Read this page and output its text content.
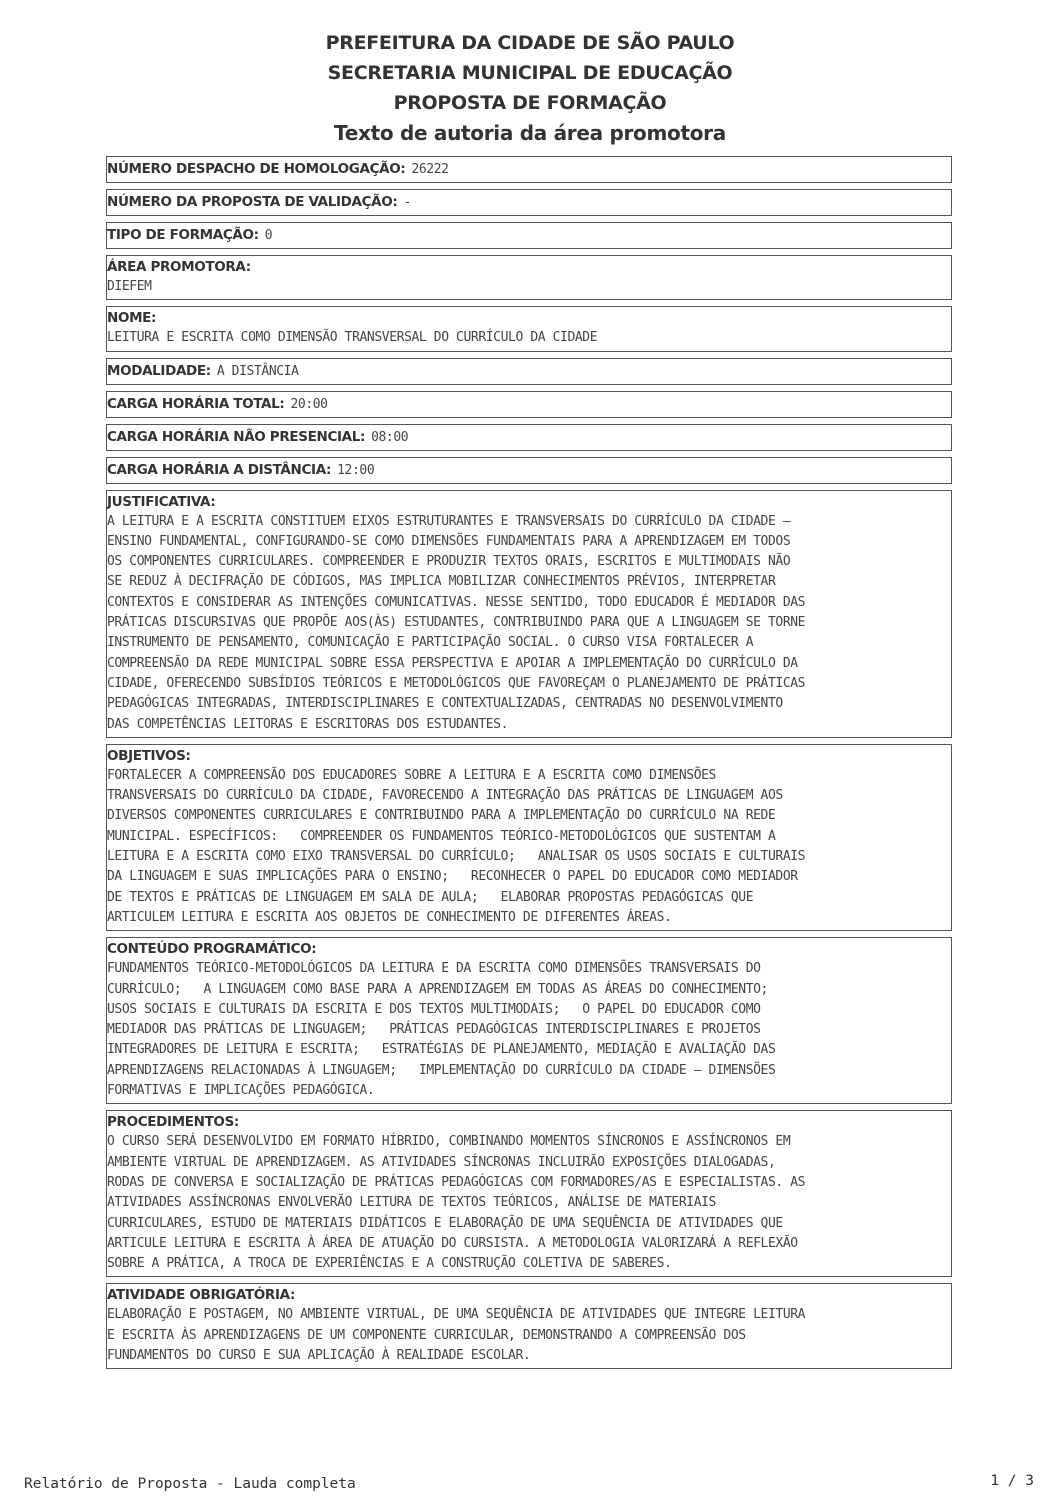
PREFEITURA DA CIDADE DE SÃO PAULO
SECRETARIA MUNICIPAL DE EDUCAÇÃO
PROPOSTA DE FORMAÇÃO
Texto de autoria da área promotora
NÚMERO DESPACHO DE HOMOLOGAÇÃO: 26222
NÚMERO DA PROPOSTA DE VALIDAÇÃO: -
TIPO DE FORMAÇÃO: 0
ÁREA PROMOTORA:
DIEFEM
NOME:
LEITURA E ESCRITA COMO DIMENSÃO TRANSVERSAL DO CURRÍCULO DA CIDADE
MODALIDADE: A DISTÂNCIA
CARGA HORÁRIA TOTAL: 20:00
CARGA HORÁRIA NÃO PRESENCIAL: 08:00
CARGA HORÁRIA A DISTÂNCIA: 12:00
JUSTIFICATIVA:
A LEITURA E A ESCRITA CONSTITUEM EIXOS ESTRUTURANTES E TRANSVERSAIS DO CURRÍCULO DA CIDADE —
ENSINO FUNDAMENTAL, CONFIGURANDO-SE COMO DIMENSÕES FUNDAMENTAIS PARA A APRENDIZAGEM EM TODOS
OS COMPONENTES CURRICULARES. COMPREENDER E PRODUZIR TEXTOS ORAIS, ESCRITOS E MULTIMODAIS NÃO
SE REDUZ À DECIFRAÇÃO DE CÓDIGOS, MAS IMPLICA MOBILIZAR CONHECIMENTOS PRÉVIOS, INTERPRETAR
CONTEXTOS E CONSIDERAR AS INTENÇÕES COMUNICATIVAS. NESSE SENTIDO, TODO EDUCADOR É MEDIADOR DAS
PRÁTICAS DISCURSIVAS QUE PROPÕE AOS(ÀS) ESTUDANTES, CONTRIBUINDO PARA QUE A LINGUAGEM SE TORNE
INSTRUMENTO DE PENSAMENTO, COMUNICAÇÃO E PARTICIPAÇÃO SOCIAL. O CURSO VISA FORTALECER A
COMPREENSÃO DA REDE MUNICIPAL SOBRE ESSA PERSPECTIVA E APOIAR A IMPLEMENTAÇÃO DO CURRÍCULO DA
CIDADE, OFERECENDO SUBSÍDIOS TEÓRICOS E METODOLÓGICOS QUE FAVOREÇAM O PLANEJAMENTO DE PRÁTICAS
PEDAGÓGICAS INTEGRADAS, INTERDISCIPLINARES E CONTEXTUALIZADAS, CENTRADAS NO DESENVOLVIMENTO
DAS COMPETÊNCIAS LEITORAS E ESCRITORAS DOS ESTUDANTES.
OBJETIVOS:
FORTALECER A COMPREENSÃO DOS EDUCADORES SOBRE A LEITURA E A ESCRITA COMO DIMENSÕES
TRANSVERSAIS DO CURRÍCULO DA CIDADE, FAVORECENDO A INTEGRAÇÃO DAS PRÁTICAS DE LINGUAGEM AOS
DIVERSOS COMPONENTES CURRICULARES E CONTRIBUINDO PARA A IMPLEMENTAÇÃO DO CURRÍCULO NA REDE
MUNICIPAL. ESPECÍFICOS:   COMPREENDER OS FUNDAMENTOS TEÓRICO-METODOLÓGICOS QUE SUSTENTAM A
LEITURA E A ESCRITA COMO EIXO TRANSVERSAL DO CURRÍCULO;   ANALISAR OS USOS SOCIAIS E CULTURAIS
DA LINGUAGEM E SUAS IMPLICAÇÕES PARA O ENSINO;   RECONHECER O PAPEL DO EDUCADOR COMO MEDIADOR
DE TEXTOS E PRÁTICAS DE LINGUAGEM EM SALA DE AULA;   ELABORAR PROPOSTAS PEDAGÓGICAS QUE
ARTICULEM LEITURA E ESCRITA AOS OBJETOS DE CONHECIMENTO DE DIFERENTES ÁREAS.
CONTEÚDO PROGRAMÁTICO:
FUNDAMENTOS TEÓRICO-METODOLÓGICOS DA LEITURA E DA ESCRITA COMO DIMENSÕES TRANSVERSAIS DO
CURRÍCULO;   A LINGUAGEM COMO BASE PARA A APRENDIZAGEM EM TODAS AS ÁREAS DO CONHECIMENTO;
USOS SOCIAIS E CULTURAIS DA ESCRITA E DOS TEXTOS MULTIMODAIS;   O PAPEL DO EDUCADOR COMO
MEDIADOR DAS PRÁTICAS DE LINGUAGEM;   PRÁTICAS PEDAGÓGICAS INTERDISCIPLINARES E PROJETOS
INTEGRADORES DE LEITURA E ESCRITA;   ESTRATÉGIAS DE PLANEJAMENTO, MEDIAÇÃO E AVALIAÇÃO DAS
APRENDIZAGENS RELACIONADAS À LINGUAGEM;   IMPLEMENTAÇÃO DO CURRÍCULO DA CIDADE — DIMENSÕES
FORMATIVAS E IMPLICAÇÕES PEDAGÓGICA.
PROCEDIMENTOS:
O CURSO SERÁ DESENVOLVIDO EM FORMATO HÍBRIDO, COMBINANDO MOMENTOS SÍNCRONOS E ASSÍNCRONOS EM
AMBIENTE VIRTUAL DE APRENDIZAGEM. AS ATIVIDADES SÍNCRONAS INCLUIRÃO EXPOSIÇÕES DIALOGADAS,
RODAS DE CONVERSA E SOCIALIZAÇÃO DE PRÁTICAS PEDAGÓGICAS COM FORMADORES/AS E ESPECIALISTAS. AS
ATIVIDADES ASSÍNCRONAS ENVOLVERÃO LEITURA DE TEXTOS TEÓRICOS, ANÁLISE DE MATERIAIS
CURRICULARES, ESTUDO DE MATERIAIS DIDÁTICOS E ELABORAÇÃO DE UMA SEQUÊNCIA DE ATIVIDADES QUE
ARTICULE LEITURA E ESCRITA À ÁREA DE ATUAÇÃO DO CURSISTA. A METODOLOGIA VALORIZARÁ A REFLEXÃO
SOBRE A PRÁTICA, A TROCA DE EXPERIÊNCIAS E A CONSTRUÇÃO COLETIVA DE SABERES.
ATIVIDADE OBRIGATÓRIA:
ELABORAÇÃO E POSTAGEM, NO AMBIENTE VIRTUAL, DE UMA SEQUÊNCIA DE ATIVIDADES QUE INTEGRE LEITURA
E ESCRITA ÀS APRENDIZAGENS DE UM COMPONENTE CURRICULAR, DEMONSTRANDO A COMPREENSÃO DOS
FUNDAMENTOS DO CURSO E SUA APLICAÇÃO À REALIDADE ESCOLAR.
Relatório de Proposta - Lauda completa	1 / 3
